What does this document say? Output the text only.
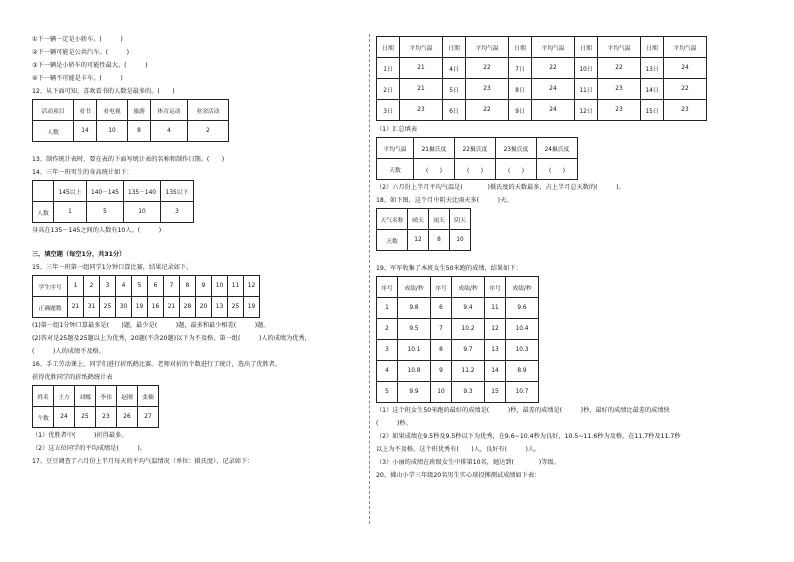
①下一辆一定是小轿车。(　　　)
②下一辆可能是公共汽车。(　　　)
③下一辆是小轿车的可能性最大。(　　　)
④下一辆不可能是卡车。(　　　)
12、从下面可知，喜欢看书的人数是最多的。(　　)
活动项目	看书	看电视	旅游	体育运动	业余活动
人数	14	10	8	4	2
13、制作统计表时，要在表的下面写统计表的名称和制作日期。(　　)
14、三年一班男生的身高统计如下：
	145以上	140－145	135－140	135以下
人数	1	5	10	3
身高在135－145之间的人数有10人。(　　　)
三、填空题（每空1分，共31分）
15、三年一班第一组同学1分钟口算比赛，结果记录如下。
学生序号	1	2	3	4	5	6	7	8	9	10	11	12
正确题数	21	31	25	30	19	16	21	28	20	13	25	19
(1)第一组1分钟口算最多是(　　)题，最少是(　　　)题，最多和最少相差(　　　)题。
(2)答对是25题及25题以上为优秀，20题(不含20题)以下为不及格，第一组(　　　)人的成绩为优秀，
(　　　)人的成绩不及格。
16、手工劳动课上，同学们进行折纸鹤比赛。老师对折的个数进行了统计，选出了优胜者。
获得优胜同学的折纸鹤统计表
姓名	王方	刘娜	李伟	赵刚	张楠
个数	24	25	23	26	27
（1）优胜者中(　　　)折得最多。
（2）这五位同学的平均成绩是(　　　)。
17、豆豆调查了六月份上半月每天的平均气温情况（单位：摄氏度），记录如下：
日期	平均气温	日期	平均气温	日期	平均气温	日期	平均气温	日期	平均气温
1日	21	4日	22	7日	22	10日	22	13日	24
2日	21	5日	23	8日	24	11日	23	14日	22
3日	23	6日	22	9日	24	12日	23	15日	23
（1）汇总填表
平均气温	21摄氏度	22摄氏度	23摄氏度	24摄氏度
天数	(　　)	(　　)	(　　)	(　　)
（2）六月份上半月平均气温是(　　　　)摄氏度的天数最多，占上半月总天数的(　　　)。
18、如下图，这个月中阴天比雨天多(　　　)天。
天气名称	晴天	雨天	阴天
天数	12	8	10
19、军军收集了本班女生50米跑的成绩，结果如下：
序号	成绩/秒	序号	成绩/秒	序号	成绩/秒
1	9.8	6	9.4	11	9.6
2	9.5	7	10.2	12	10.4
3	10.1	8	9.7	13	10.3
4	10.8	9	11.2	14	8.9
5	9.9	10	9.3	15	10.7
（1）这个班女生50米跑的最好的成绩是(　　　)秒，最差的成绩是(　　　)秒，最好的成绩比最差的成绩快
(　　　)秒。
（2）如果成绩在9.5秒及9.5秒以下为优秀，在9.6~10.4秒为良好，10.5~11.6秒为及格，在11.7秒及11.7秒
以上为不及格。这个班优秀有(　　)人，良好有(　　　)人。
（3）小丽的成绩在班级女生中排第10名，她达到(　　　　)等级。
20、佛山小学三年级20名男生实心球投掷测试成绩如下表：
